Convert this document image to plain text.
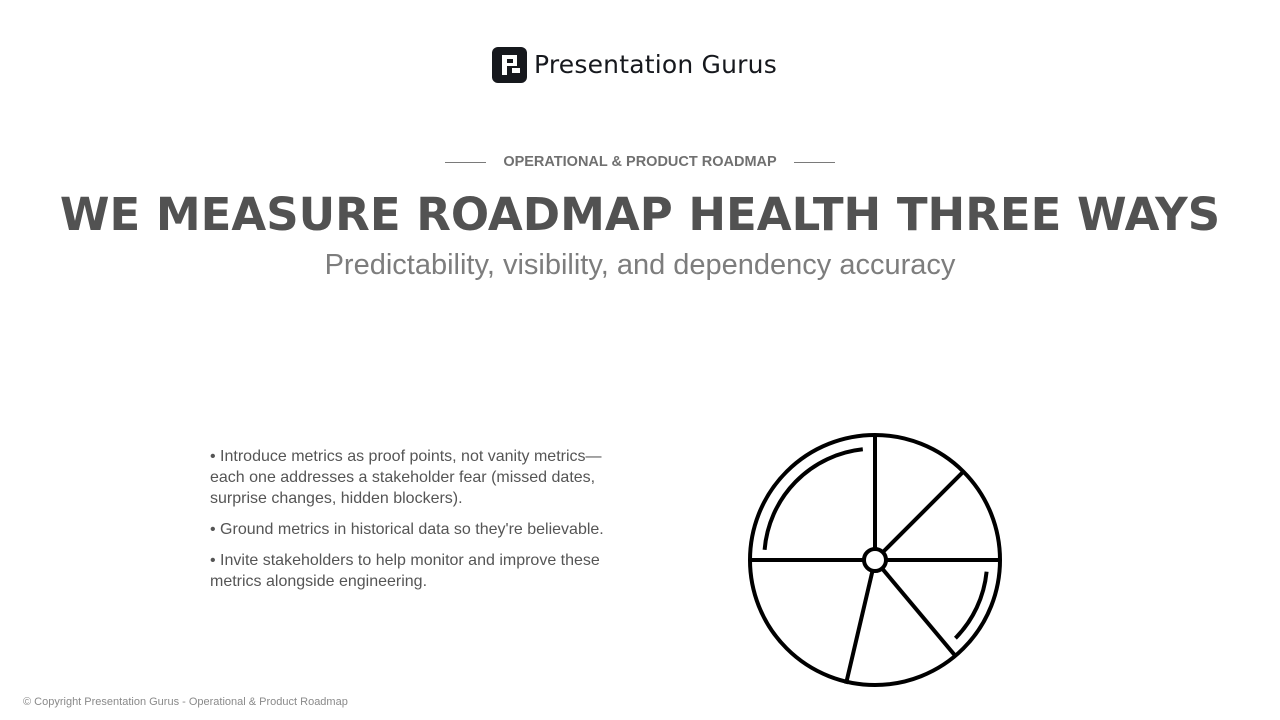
Presentation Gurus
OPERATIONAL & PRODUCT ROADMAP
WE MEASURE ROADMAP HEALTH THREE WAYS
Predictability, visibility, and dependency accuracy
• Introduce metrics as proof points, not vanity metrics—each one addresses a stakeholder fear (missed dates, surprise changes, hidden blockers).
• Ground metrics in historical data so they're believable.
• Invite stakeholders to help monitor and improve these metrics alongside engineering.
© Copyright Presentation Gurus - Operational & Product Roadmap
